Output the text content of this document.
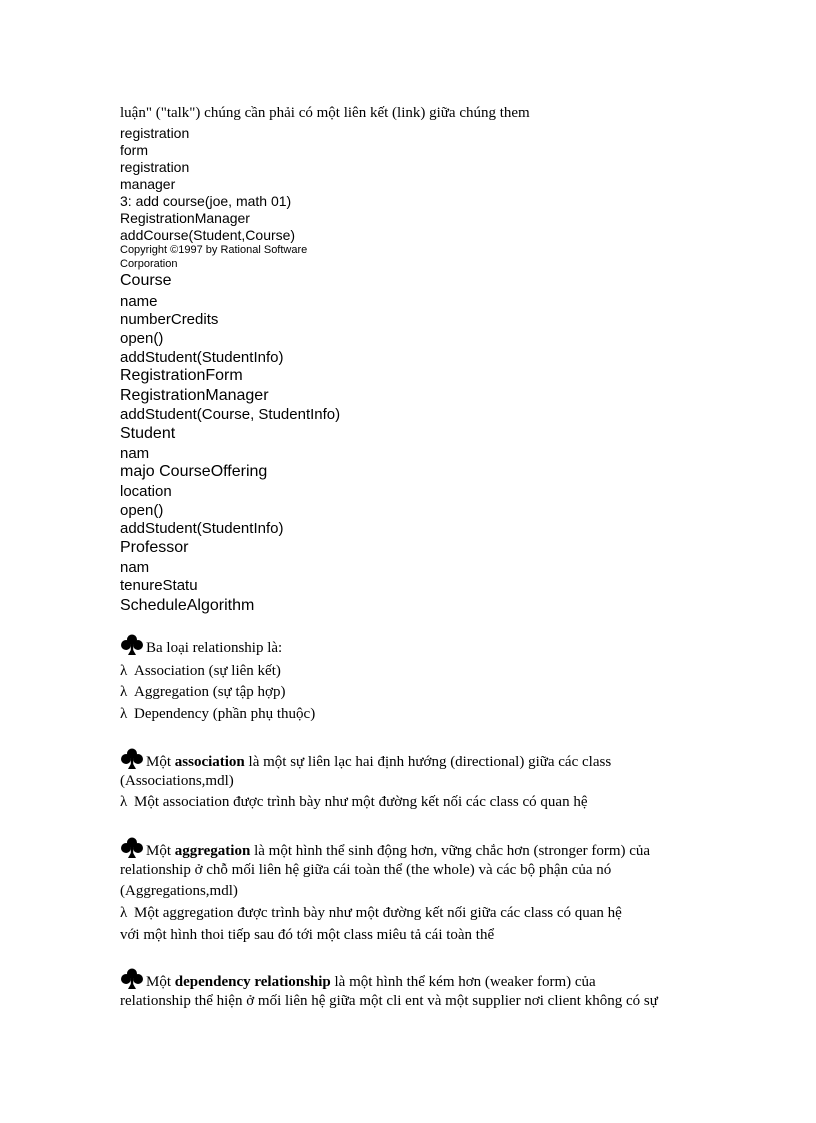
luận" ("talk") chúng cần phải có một liên kết (link) giữa chúng them
registration
form
registration
manager
3: add course(joe, math 01)
RegistrationManager
addCourse(Student,Course)
Copyright ©1997 by Rational Software
Corporation
Course
name
numberCredits
open()
addStudent(StudentInfo)
RegistrationForm
RegistrationManager
addStudent(Course, StudentInfo)
Student
nam
majo CourseOffering
location
open()
addStudent(StudentInfo)
Professor
nam
tenureStatu
ScheduleAlgorithm
Ba loại relationship là:
λ Association (sự liên kết)
λ Aggregation (sự tập hợp)
λ Dependency (phần phụ thuộc)
Một association là một sự liên lạc hai định hướng (directional) giữa các class
(Associations,mdl)
λ Một association được trình bày như một đường kết nối các class có quan hệ
Một aggregation là một hình thể sinh động hơn, vững chắc hơn (stronger form) của
relationship ở chỗ mối liên hệ giữa cái toàn thể (the whole) và các bộ phận của nó
(Aggregations,mdl)
λ Một aggregation được trình bày như một đường kết nối giữa các class có quan hệ
với một hình thoi tiếp sau đó tới một class miêu tả cái toàn thể
Một dependency relationship là một hình thể kém hơn (weaker form) của
relationship thể hiện ở mối liên hệ giữa một cli ent và một supplier nơi client không có sự
